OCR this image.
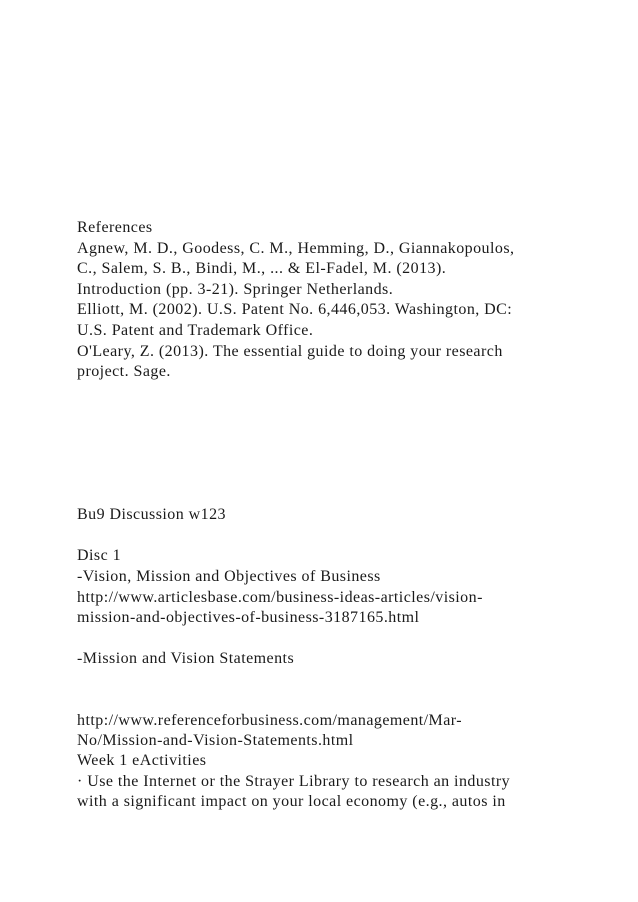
References
Agnew, M. D., Goodess, C. M., Hemming, D., Giannakopoulos,
C., Salem, S. B., Bindi, M., ... & El-Fadel, M. (2013).
Introduction (pp. 3-21). Springer Netherlands.
Elliott, M. (2002). U.S. Patent No. 6,446,053. Washington, DC:
U.S. Patent and Trademark Office.
O'Leary, Z. (2013). The essential guide to doing your research
project. Sage.
Bu9 Discussion w123
Disc 1
-Vision, Mission and Objectives of Business
http://www.articlesbase.com/business-ideas-articles/vision-
mission-and-objectives-of-business-3187165.html
-Mission and Vision Statements
http://www.referenceforbusiness.com/management/Mar-
No/Mission-and-Vision-Statements.html
Week 1 eActivities
· Use the Internet or the Strayer Library to research an industry
with a significant impact on your local economy (e.g., autos in
